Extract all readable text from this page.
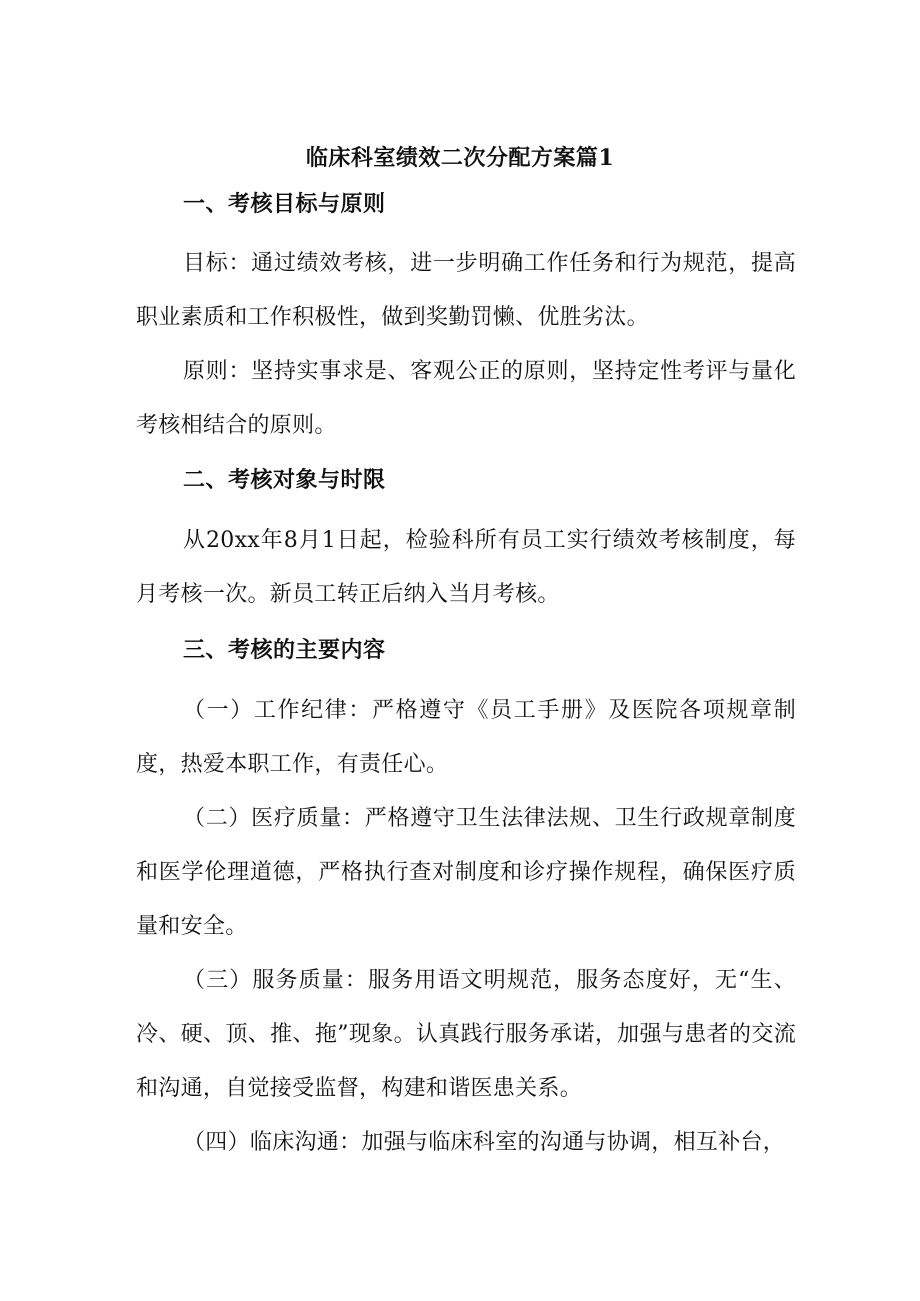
临床科室绩效二次分配方案篇1
一、考核目标与原则
目标：通过绩效考核，进一步明确工作任务和行为规范，提高职业素质和工作积极性，做到奖勤罚懒、优胜劣汰。
原则：坚持实事求是、客观公正的原则，坚持定性考评与量化考核相结合的原则。
二、考核对象与时限
从20xx年8月1日起，检验科所有员工实行绩效考核制度，每月考核一次。新员工转正后纳入当月考核。
三、考核的主要内容
（一）工作纪律：严格遵守《员工手册》及医院各项规章制度，热爱本职工作，有责任心。
（二）医疗质量：严格遵守卫生法律法规、卫生行政规章制度和医学伦理道德，严格执行查对制度和诊疗操作规程，确保医疗质量和安全。
（三）服务质量：服务用语文明规范，服务态度好，无“生、冷、硬、顶、推、拖”现象。认真践行服务承诺，加强与患者的交流和沟通，自觉接受监督，构建和谐医患关系。
（四）临床沟通：加强与临床科室的沟通与协调，相互补台，
